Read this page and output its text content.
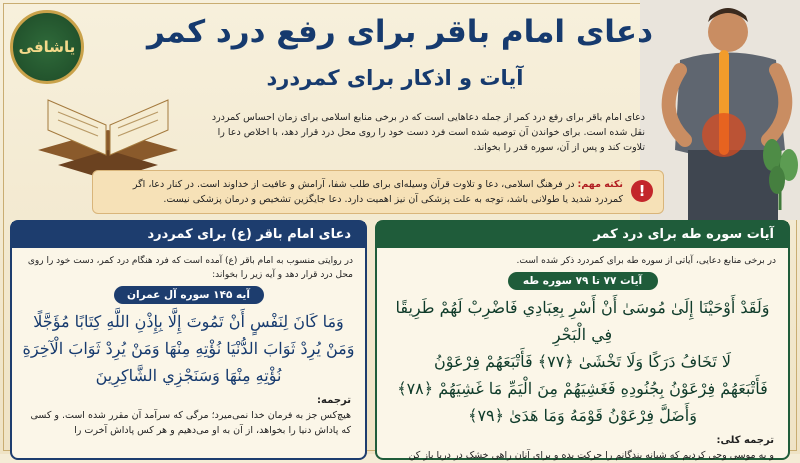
یاشافی	دعای امام باقر برای رفع درد کمر
آیات و اذکار برای کمردرد
دعای امام باقر برای رفع درد کمر از جمله دعاهایی است که در برخی منابع اسلامی برای زمان احساس کمردرد نقل شده است. برای خواندن آن توصیه شده است فرد دست خود را روی محل درد قرار دهد، با اخلاص دعا را تلاوت کند و پس از آن، سوره قدر را بخواند.
!
نکته مهم: در فرهنگ اسلامی، دعا و تلاوت قرآن وسیله‌ای برای طلب شفا، آرامش و عافیت از خداوند است. در کنار دعا، اگر کمردرد شدید یا طولانی باشد، توجه به علت پزشکی آن نیز اهمیت دارد. دعا جایگزین تشخیص و درمان پزشکی نیست.
آیات سوره طه برای درد کمر
در برخی منابع دعایی، آیاتی از سوره طه برای کمردرد ذکر شده است.
آیات ۷۷ تا ۷۹ سوره طه
وَلَقَدْ أَوْحَيْنَا إِلَىٰ مُوسَىٰ أَنْ أَسْرِ بِعِبَادِي فَاضْرِبْ لَهُمْ طَرِيقًا فِي الْبَحْرِ
لَا تَخَافُ دَرَكًا وَلَا تَخْشَىٰ ﴿٧٧﴾ فَأَتْبَعَهُمْ فِرْعَوْنُ
فَأَتْبَعَهُمْ فِرْعَوْنُ بِجُنُودِهِ فَغَشِيَهُمْ مِنَ الْيَمِّ مَا غَشِيَهُمْ ﴿٧٨﴾
وَأَضَلَّ فِرْعَوْنُ قَوْمَهُ وَمَا هَدَىٰ ﴿٧٩﴾
ترجمه کلی:
و به موسی وحی کردیم که شبانه بندگانم را حرکت بده و برای آنان راهی خشک در دریا باز کن
دعای امام باقر (ع) برای کمردرد
در روایتی منسوب به امام باقر (ع) آمده است که فرد هنگام درد کمر، دست خود را روی محل درد قرار دهد و آیه زیر را بخواند:
آیه ۱۴۵ سوره آل عمران
وَمَا كَانَ لِنَفْسٍ أَنْ تَمُوتَ إِلَّا بِإِذْنِ اللَّهِ كِتَابًا مُؤَجَّلًا
وَمَنْ يُرِدْ ثَوَابَ الدُّنْيَا نُؤْتِهِ مِنْهَا وَمَنْ يُرِدْ ثَوَابَ الْآخِرَةِ
نُؤْتِهِ مِنْهَا وَسَنَجْزِي الشَّاكِرِينَ
ترجمه:
هیچ‌کس جز به فرمان خدا نمی‌میرد؛ مرگی که سرآمد آن مقرر شده است. و کسی که پاداش دنیا را بخواهد، از آن به او می‌دهیم و هر کس پاداش آخرت را
